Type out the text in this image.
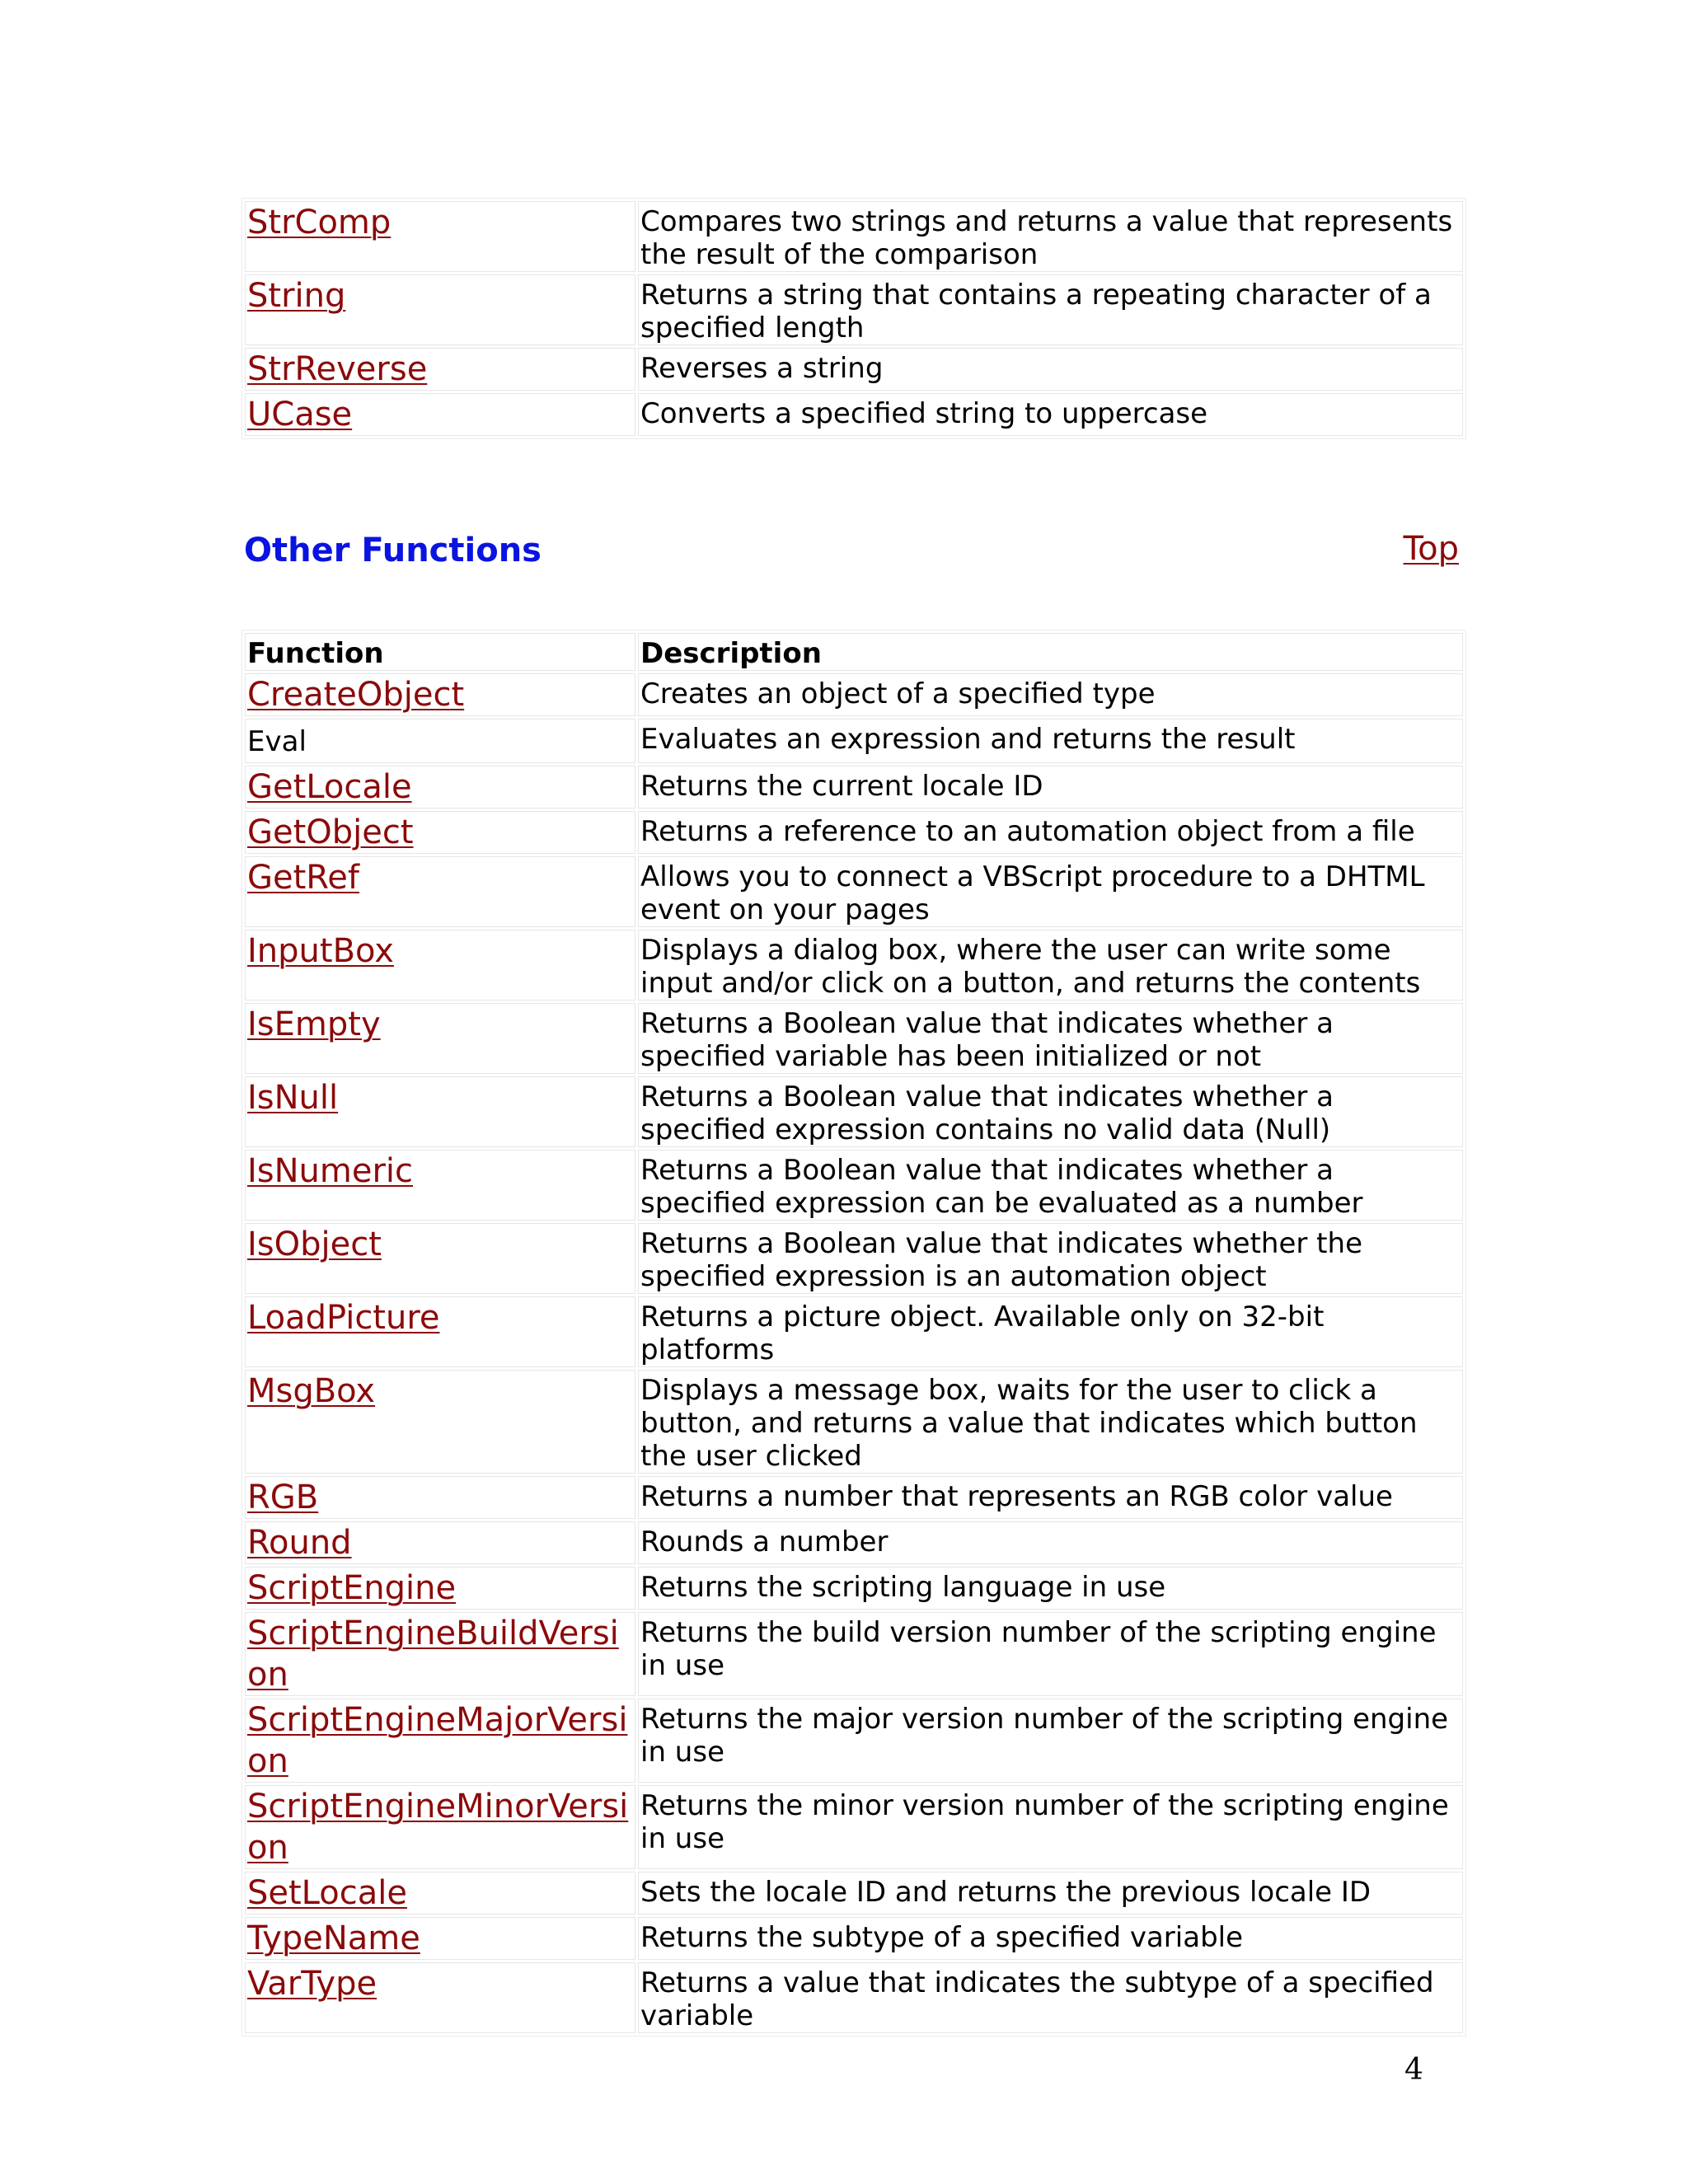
StrComp	Compares two strings and returns a value that represents the result of the comparison
String	Returns a string that contains a repeating character of a specified length
StrReverse	Reverses a string
UCase	Converts a specified string to uppercase
Other Functions	Top
Function	Description
CreateObject	Creates an object of a specified type
Eval	Evaluates an expression and returns the result
GetLocale	Returns the current locale ID
GetObject	Returns a reference to an automation object from a file
GetRef	Allows you to connect a VBScript procedure to a DHTML event on your pages
InputBox	Displays a dialog box, where the user can write some input and/or click on a button, and returns the contents
IsEmpty	Returns a Boolean value that indicates whether a specified variable has been initialized or not
IsNull	Returns a Boolean value that indicates whether a specified expression contains no valid data (Null)
IsNumeric	Returns a Boolean value that indicates whether a specified expression can be evaluated as a number
IsObject	Returns a Boolean value that indicates whether the specified expression is an automation object
LoadPicture	Returns a picture object. Available only on 32-bit platforms
MsgBox	Displays a message box, waits for the user to click a button, and returns a value that indicates which button the user clicked
RGB	Returns a number that represents an RGB color value
Round	Rounds a number
ScriptEngine	Returns the scripting language in use
ScriptEngineBuildVersion	Returns the build version number of the scripting engine in use
ScriptEngineMajorVersion	Returns the major version number of the scripting engine in use
ScriptEngineMinorVersion	Returns the minor version number of the scripting engine in use
SetLocale	Sets the locale ID and returns the previous locale ID
TypeName	Returns the subtype of a specified variable
VarType	Returns a value that indicates the subtype of a specified variable
4
